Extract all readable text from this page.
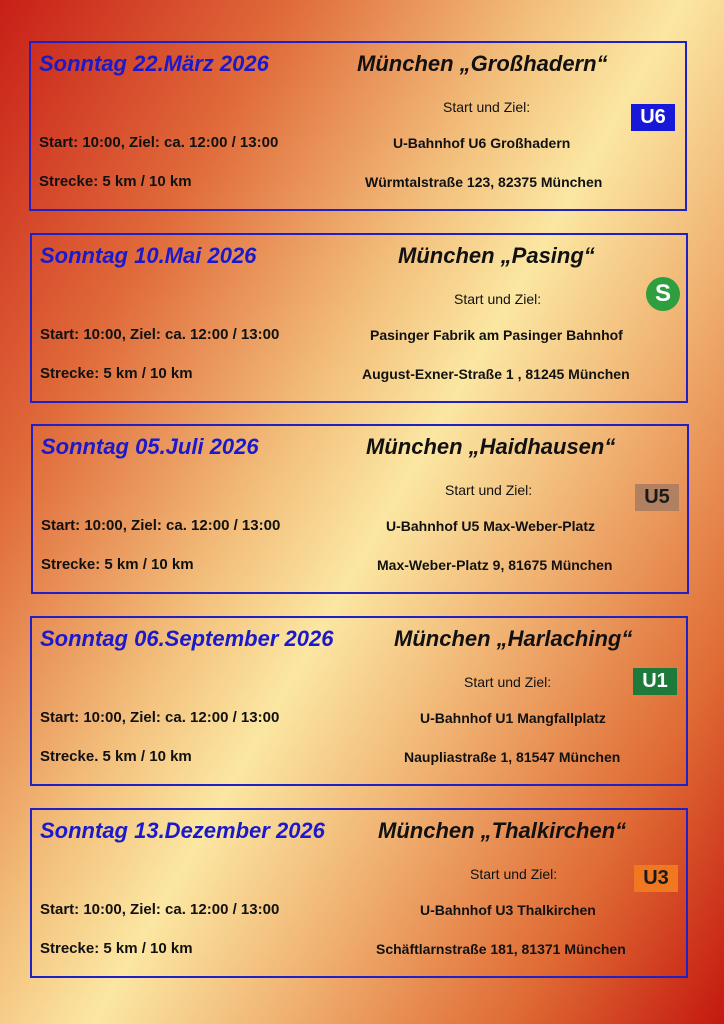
Sonntag 22.März 2026	München „Großhadern“
Start und Ziel:	U6
Start: 10:00, Ziel: ca. 12:00 / 13:00
Strecke: 5 km / 10 km
U-Bahnhof U6 Großhadern
Würmtalstraße 123, 82375 München
Sonntag 10.Mai 2026	München „Pasing“
Start und Ziel:	S
Start: 10:00, Ziel: ca. 12:00 / 13:00
Strecke: 5 km / 10 km
Pasinger Fabrik am Pasinger Bahnhof
August-Exner-Straße 1 , 81245 München
Sonntag 05.Juli 2026	München „Haidhausen“
Start und Ziel:	U5
Start: 10:00, Ziel: ca. 12:00 / 13:00
Strecke: 5 km / 10 km
U-Bahnhof U5 Max-Weber-Platz
Max-Weber-Platz 9, 81675 München
Sonntag 06.September 2026	München „Harlaching“
Start und Ziel:	U1
Start: 10:00, Ziel: ca. 12:00 / 13:00
Strecke. 5 km / 10 km
U-Bahnhof U1 Mangfallplatz
Naupliastraße 1, 81547 München
Sonntag 13.Dezember 2026 München „Thalkirchen“
Start und Ziel:	U3
Start: 10:00, Ziel: ca. 12:00 / 13:00
Strecke: 5 km / 10 km
U-Bahnhof U3 Thalkirchen
Schäftlarnstraße 181, 81371 München
